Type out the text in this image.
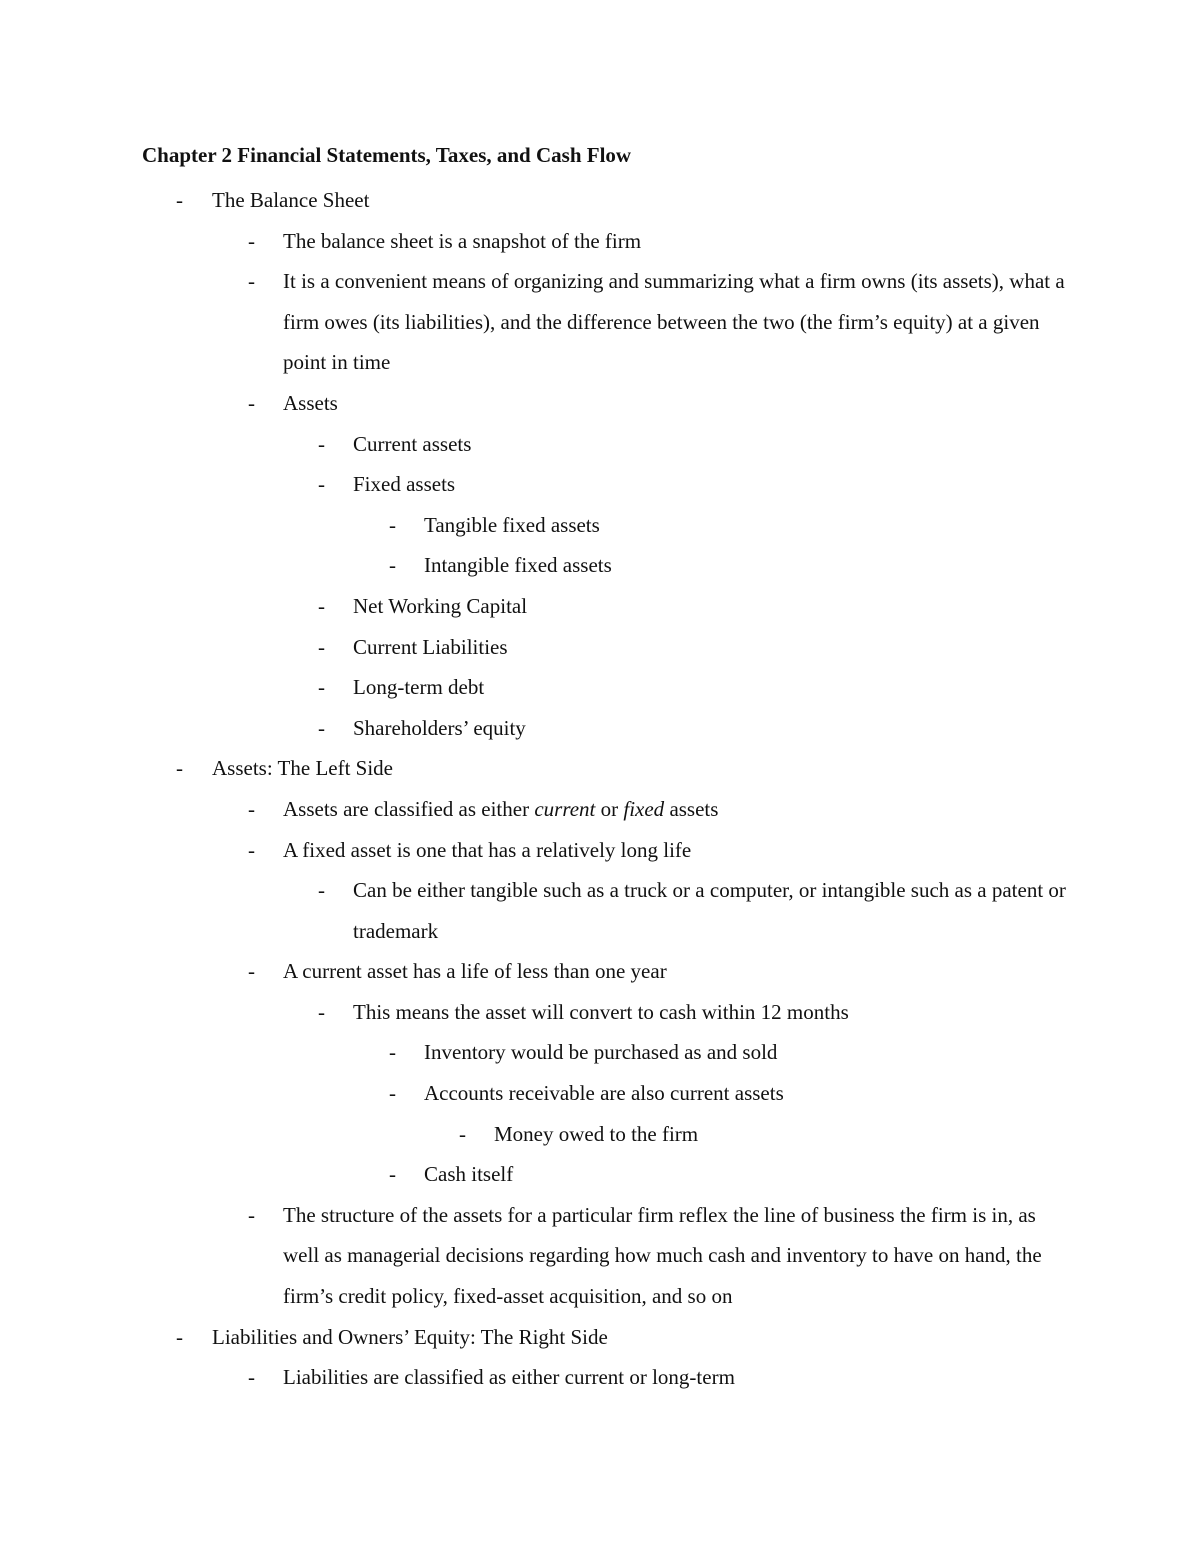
Chapter 2 Financial Statements, Taxes, and Cash Flow
- The Balance Sheet
- The balance sheet is a snapshot of the firm
- It is a convenient means of organizing and summarizing what a firm owns (its assets), what a firm owes (its liabilities), and the difference between the two (the firm’s equity) at a given point in time
- Assets
- Current assets
- Fixed assets
- Tangible fixed assets
- Intangible fixed assets
- Net Working Capital
- Current Liabilities
- Long-term debt
- Shareholders’ equity
- Assets: The Left Side
- Assets are classified as either current or fixed assets
- A fixed asset is one that has a relatively long life
- Can be either tangible such as a truck or a computer, or intangible such as a patent or trademark
- A current asset has a life of less than one year
- This means the asset will convert to cash within 12 months
- Inventory would be purchased as and sold
- Accounts receivable are also current assets
- Money owed to the firm
- Cash itself
- The structure of the assets for a particular firm reflex the line of business the firm is in, as well as managerial decisions regarding how much cash and inventory to have on hand, the firm’s credit policy, fixed-asset acquisition, and so on
- Liabilities and Owners’ Equity: The Right Side
- Liabilities are classified as either current or long-term
